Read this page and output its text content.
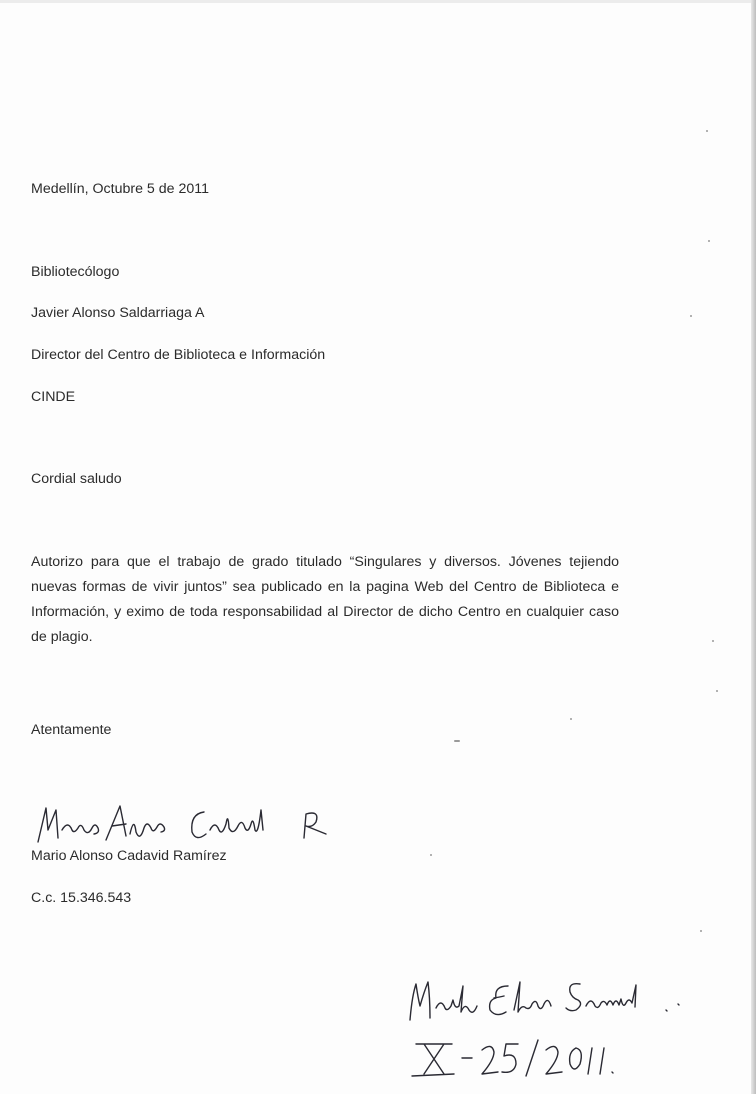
Medellín, Octubre 5 de 2011
Bibliotecólogo
Javier Alonso Saldarriaga A
Director del Centro de Biblioteca e Información
CINDE
Cordial saludo
Autorizo para que el trabajo de grado titulado “Singulares y diversos. Jóvenes tejiendo nuevas formas de vivir juntos” sea publicado en la pagina Web del Centro de Biblioteca e Información, y eximo de toda responsabilidad al Director de dicho Centro en cualquier caso de plagio.
Atentamente
Mario Alonso Cadavid Ramírez
C.c. 15.346.543
